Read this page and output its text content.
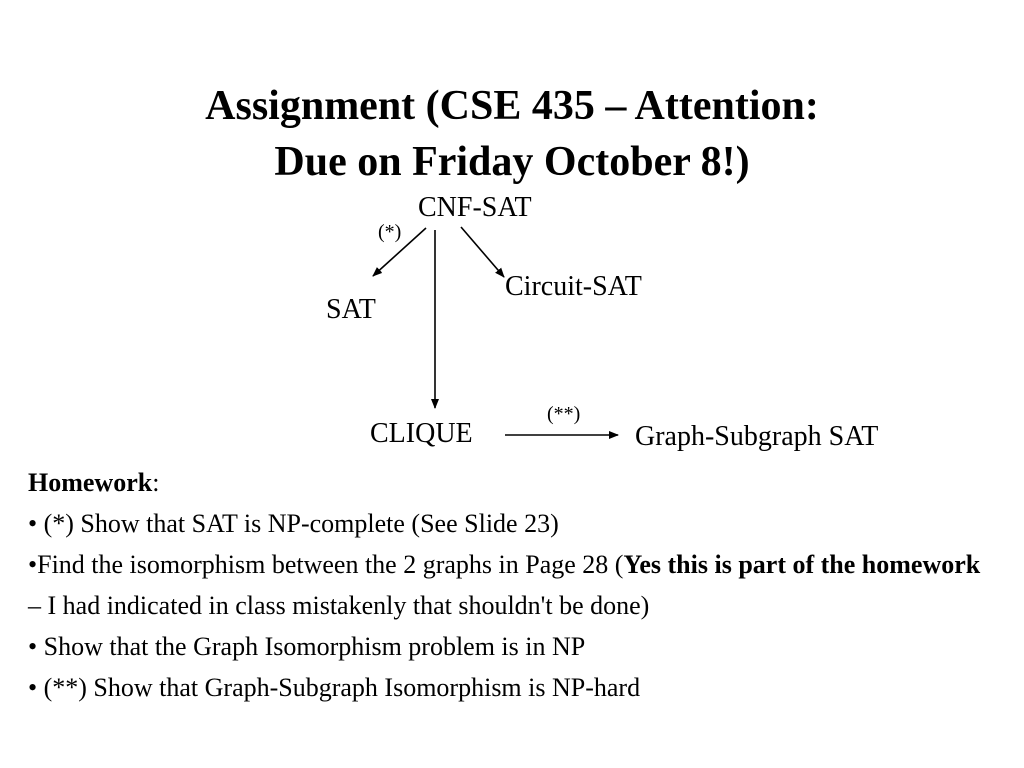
Assignment (CSE 435 – Attention:
Due on Friday October 8!)
CNF-SAT
(*)
SAT
Circuit-SAT
CLIQUE
(**)
Graph-Subgraph SAT

Homework:

• (*) Show that SAT is NP-complete (See Slide 23)

•Find the isomorphism between the 2 graphs in Page 28 (Yes this is part of the homework – I had indicated in class mistakenly that shouldn't be done)

• Show that the Graph Isomorphism problem is in NP

• (**) Show that Graph-Subgraph Isomorphism is NP-hard
